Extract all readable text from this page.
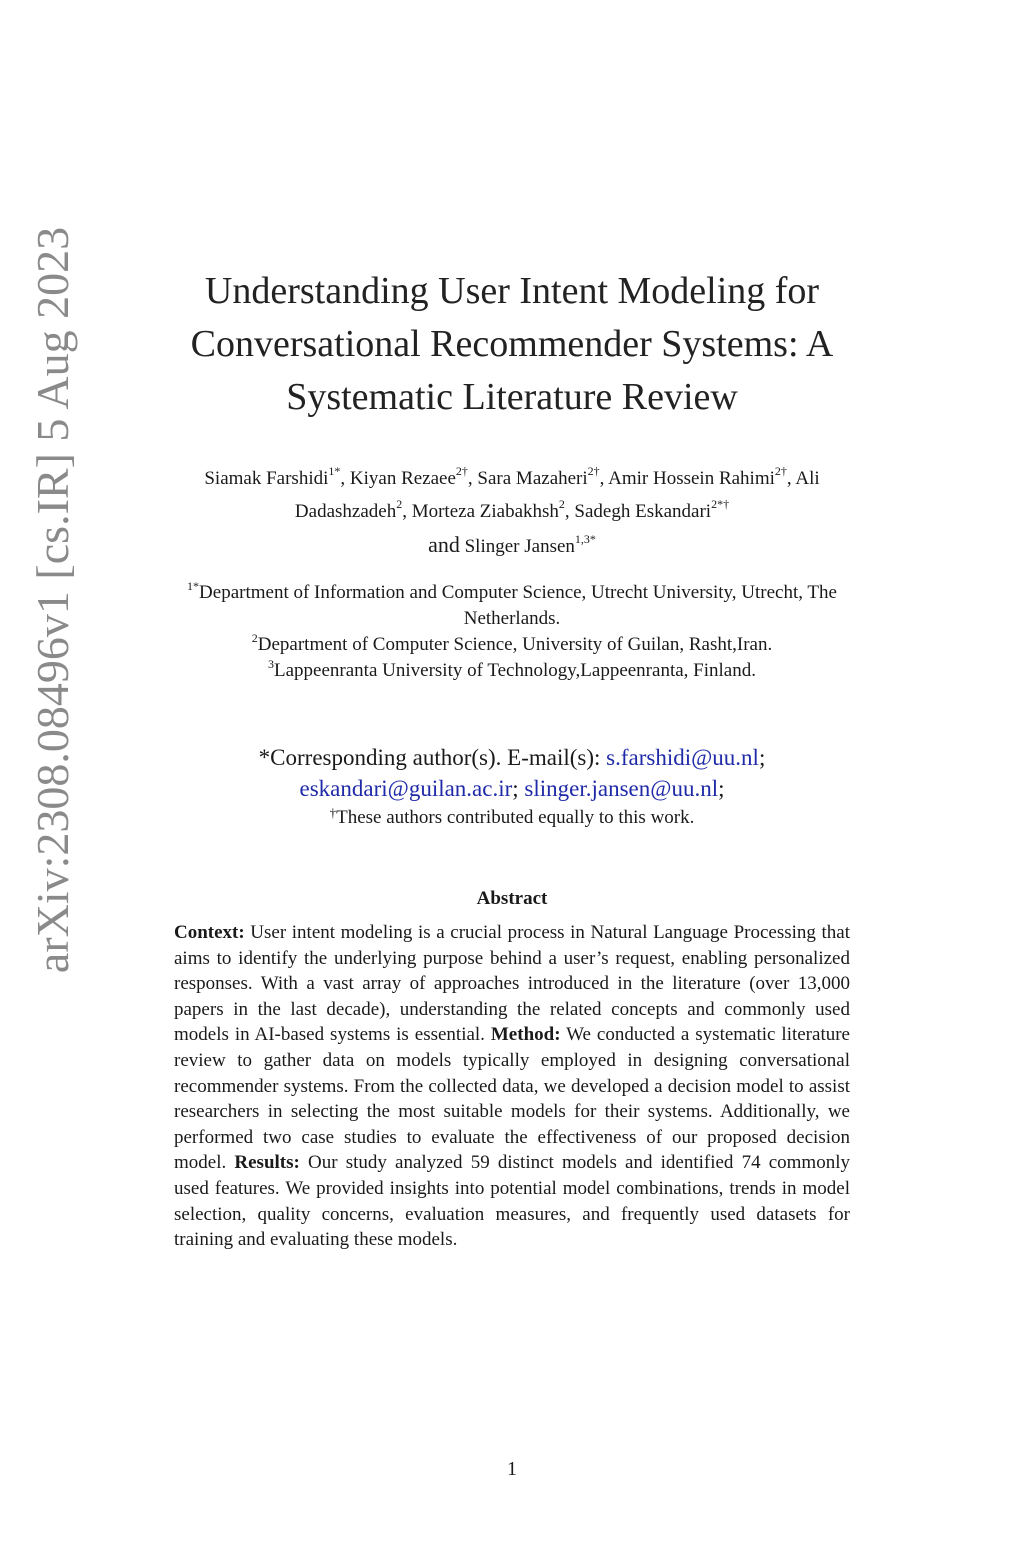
arXiv:2308.08496v1 [cs.IR] 5 Aug 2023	Understanding User Intent Modeling for
Conversational Recommender Systems: A
Systematic Literature Review
Siamak Farshidi$^{1*}$, Kiyan Rezaee$^{2\dagger}$, Sara Mazaheri$^{2\dagger}$, Amir Hossein Rahimi$^{2\dagger}$, Ali Dadashzadeh$^2$, Morteza Ziabakhsh$^2$, Sadegh Eskandari$^{2*\dagger}$
and Slinger Jansen$^{1,3*}$
$^{1*}$Department of Information and Computer Science, Utrecht University, Utrecht, The Netherlands.
$^2$Department of Computer Science, University of Guilan, Rasht,Iran.
$^3$Lappeenranta University of Technology,Lappeenranta, Finland.
*Corresponding author(s). E-mail(s): s.farshidi@uu.nl; eskandari@guilan.ac.ir; slinger.jansen@uu.nl;
†These authors contributed equally to this work.
Abstract
Context: User intent modeling is a crucial process in Natural Language Processing that aims to identify the underlying purpose behind a user’s request, enabling personalized responses. With a vast array of approaches introduced in the literature (over 13,000 papers in the last decade), understanding the related concepts and commonly used models in AI-based systems is essential. Method: We conducted a systematic literature review to gather data on models typically employed in designing conversational recommender systems. From the collected data, we developed a decision model to assist researchers in selecting the most suitable models for their systems. Additionally, we performed two case studies to evaluate the effectiveness of our proposed decision model. Results: Our study analyzed 59 distinct models and identified 74 commonly used features. We provided insights into potential model combinations, trends in model selection, quality concerns, evaluation measures, and frequently used datasets for training and evaluating these models.
1
